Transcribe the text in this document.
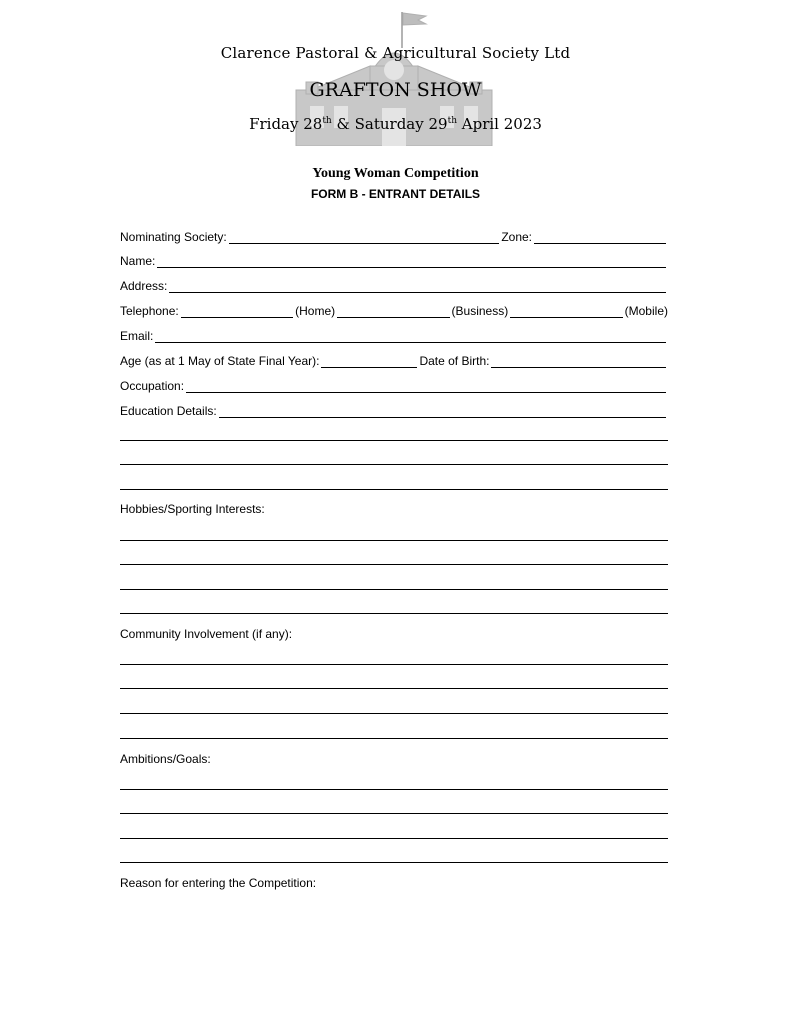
Clarence Pastoral & Agricultural Society Ltd
GRAFTON SHOW
Friday 28th & Saturday 29th April 2023
Young Woman Competition
FORM B - ENTRANT DETAILS
Nominating Society:	Zone:
Name:
Address:
Telephone:	(Home)	(Business)	(Mobile)
Email:
Age (as at 1 May of State Final Year):	Date of Birth:
Occupation:
Education Details:
Hobbies/Sporting Interests:
Community Involvement (if any):
Ambitions/Goals:
Reason for entering the Competition:
